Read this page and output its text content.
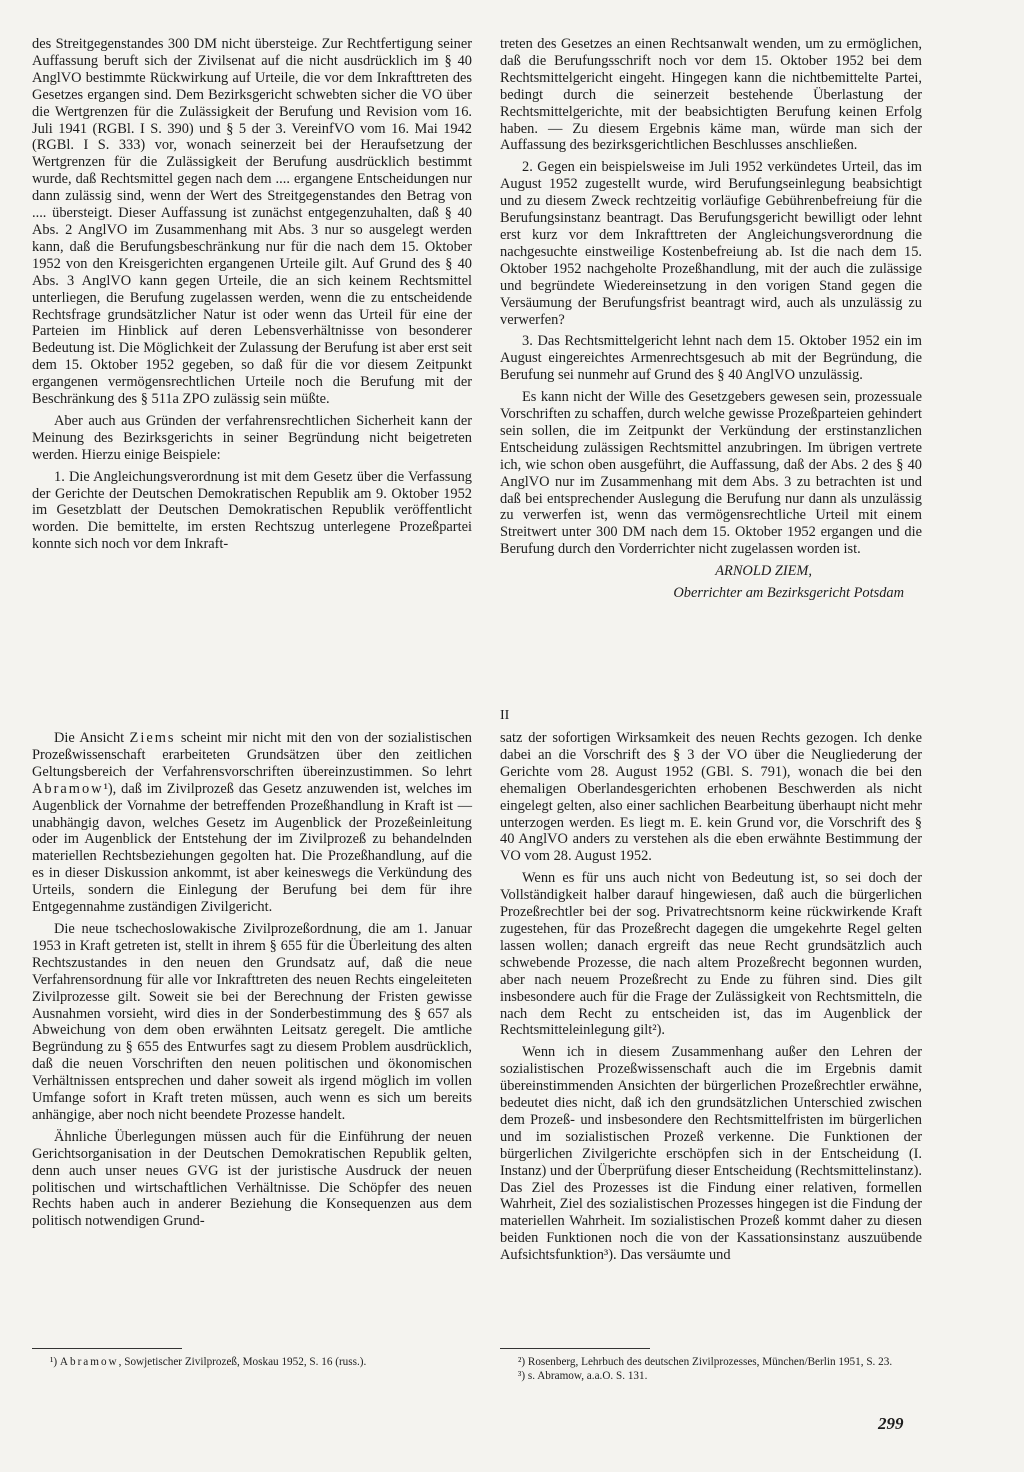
des Streitgegenstandes 300 DM nicht übersteige. Zur Rechtfertigung seiner Auffassung beruft sich der Zivilsenat auf die nicht ausdrücklich im § 40 AnglVO bestimmte Rückwirkung auf Urteile, die vor dem Inkrafttreten des Gesetzes ergangen sind. Dem Bezirksgericht schwebten sicher die VO über die Wertgrenzen für die Zulässigkeit der Berufung und Revision vom 16. Juli 1941 (RGBl. I S. 390) und § 5 der 3. VereinfVO vom 16. Mai 1942 (RGBl. I S. 333) vor, wonach seinerzeit bei der Heraufsetzung der Wertgrenzen für die Zulässigkeit der Berufung ausdrücklich bestimmt wurde, daß Rechtsmittel gegen nach dem .... ergangene Entscheidungen nur dann zulässig sind, wenn der Wert des Streitgegenstandes den Betrag von .... übersteigt. Dieser Auffassung ist zunächst entgegenzuhalten, daß § 40 Abs. 2 AnglVO im Zusammenhang mit Abs. 3 nur so ausgelegt werden kann, daß die Berufungsbeschränkung nur für die nach dem 15. Oktober 1952 von den Kreisgerichten ergangenen Urteile gilt. Auf Grund des § 40 Abs. 3 AnglVO kann gegen Urteile, die an sich keinem Rechtsmittel unterliegen, die Berufung zugelassen werden, wenn die zu entscheidende Rechtsfrage grundsätzlicher Natur ist oder wenn das Urteil für eine der Parteien im Hinblick auf deren Lebensverhältnisse von besonderer Bedeutung ist. Die Möglichkeit der Zulassung der Berufung ist aber erst seit dem 15. Oktober 1952 gegeben, so daß für die vor diesem Zeitpunkt ergangenen vermögensrechtlichen Urteile noch die Berufung mit der Beschränkung des § 511a ZPO zulässig sein müßte.

Aber auch aus Gründen der verfahrensrechtlichen Sicherheit kann der Meinung des Bezirksgerichts in seiner Begründung nicht beigetreten werden. Hierzu einige Beispiele:

1. Die Angleichungsverordnung ist mit dem Gesetz über die Verfassung der Gerichte der Deutschen Demokratischen Republik am 9. Oktober 1952 im Gesetzblatt der Deutschen Demokratischen Republik veröffentlicht worden. Die bemittelte, im ersten Rechtszug unterlegene Prozeßpartei konnte sich noch vor dem Inkraft-

treten des Gesetzes an einen Rechtsanwalt wenden, um zu ermöglichen, daß die Berufungsschrift noch vor dem 15. Oktober 1952 bei dem Rechtsmittelgericht eingeht. Hingegen kann die nichtbemittelte Partei, bedingt durch die seinerzeit bestehende Überlastung der Rechtsmittelgerichte, mit der beabsichtigten Berufung keinen Erfolg haben. — Zu diesem Ergebnis käme man, würde man sich der Auffassung des bezirksgerichtlichen Beschlusses anschließen.

2. Gegen ein beispielsweise im Juli 1952 verkündetes Urteil, das im August 1952 zugestellt wurde, wird Berufungseinlegung beabsichtigt und zu diesem Zweck rechtzeitig vorläufige Gebührenbefreiung für die Berufungsinstanz beantragt. Das Berufungsgericht bewilligt oder lehnt erst kurz vor dem Inkrafttreten der Angleichungsverordnung die nachgesuchte einstweilige Kostenbefreiung ab. Ist die nach dem 15. Oktober 1952 nachgeholte Prozeßhandlung, mit der auch die zulässige und begründete Wiedereinsetzung in den vorigen Stand gegen die Versäumung der Berufungsfrist beantragt wird, auch als unzulässig zu verwerfen?

3. Das Rechtsmittelgericht lehnt nach dem 15. Oktober 1952 ein im August eingereichtes Armenrechtsgesuch ab mit der Begründung, die Berufung sei nunmehr auf Grund des § 40 AnglVO unzulässig.

Es kann nicht der Wille des Gesetzgebers gewesen sein, prozessuale Vorschriften zu schaffen, durch welche gewisse Prozeßparteien gehindert sein sollen, die im Zeitpunkt der Verkündung der erstinstanzlichen Entscheidung zulässigen Rechtsmittel anzubringen. Im übrigen vertrete ich, wie schon oben ausgeführt, die Auffassung, daß der Abs. 2 des § 40 AnglVO nur im Zusammenhang mit dem Abs. 3 zu betrachten ist und daß bei entsprechender Auslegung die Berufung nur dann als unzulässig zu verwerfen ist, wenn das vermögensrechtliche Urteil mit einem Streitwert unter 300 DM nach dem 15. Oktober 1952 ergangen und die Berufung durch den Vorderrichter nicht zugelassen worden ist.

ARNOLD ZIEM,

Oberrichter am Bezirksgericht Potsdam

II

Die Ansicht Ziems scheint mir nicht mit den von der sozialistischen Prozeßwissenschaft erarbeiteten Grundsätzen über den zeitlichen Geltungsbereich der Verfahrensvorschriften übereinzustimmen. So lehrt Abramow¹), daß im Zivilprozeß das Gesetz anzuwenden ist, welches im Augenblick der Vornahme der betreffenden Prozeßhandlung in Kraft ist — unabhängig davon, welches Gesetz im Augenblick der Prozeßeinleitung oder im Augenblick der Entstehung der im Zivilprozeß zu behandelnden materiellen Rechtsbeziehungen gegolten hat. Die Prozeßhandlung, auf die es in dieser Diskussion ankommt, ist aber keineswegs die Verkündung des Urteils, sondern die Einlegung der Berufung bei dem für ihre Entgegennahme zuständigen Zivilgericht.

Die neue tschechoslowakische Zivilprozeßordnung, die am 1. Januar 1953 in Kraft getreten ist, stellt in ihrem § 655 für die Überleitung des alten Rechtszustandes in den neuen den Grundsatz auf, daß die neue Verfahrensordnung für alle vor Inkrafttreten des neuen Rechts eingeleiteten Zivilprozesse gilt. Soweit sie bei der Berechnung der Fristen gewisse Ausnahmen vorsieht, wird dies in der Sonderbestimmung des § 657 als Abweichung von dem oben erwähnten Leitsatz geregelt. Die amtliche Begründung zu § 655 des Entwurfes sagt zu diesem Problem ausdrücklich, daß die neuen Vorschriften den neuen politischen und ökonomischen Verhältnissen entsprechen und daher soweit als irgend möglich im vollen Umfange sofort in Kraft treten müssen, auch wenn es sich um bereits anhängige, aber noch nicht beendete Prozesse handelt.

Ähnliche Überlegungen müssen auch für die Einführung der neuen Gerichtsorganisation in der Deutschen Demokratischen Republik gelten, denn auch unser neues GVG ist der juristische Ausdruck der neuen politischen und wirtschaftlichen Verhältnisse. Die Schöpfer des neuen Rechts haben auch in anderer Beziehung die Konsequenzen aus dem politisch notwendigen Grund-

satz der sofortigen Wirksamkeit des neuen Rechts gezogen. Ich denke dabei an die Vorschrift des § 3 der VO über die Neugliederung der Gerichte vom 28. August 1952 (GBl. S. 791), wonach die bei den ehemaligen Oberlandesgerichten erhobenen Beschwerden als nicht eingelegt gelten, also einer sachlichen Bearbeitung überhaupt nicht mehr unterzogen werden. Es liegt m. E. kein Grund vor, die Vorschrift des § 40 AnglVO anders zu verstehen als die eben erwähnte Bestimmung der VO vom 28. August 1952.

Wenn es für uns auch nicht von Bedeutung ist, so sei doch der Vollständigkeit halber darauf hingewiesen, daß auch die bürgerlichen Prozeßrechtler bei der sog. Privatrechtsnorm keine rückwirkende Kraft zugestehen, für das Prozeßrecht dagegen die umgekehrte Regel gelten lassen wollen; danach ergreift das neue Recht grundsätzlich auch schwebende Prozesse, die nach altem Prozeßrecht begonnen wurden, aber nach neuem Prozeßrecht zu Ende zu führen sind. Dies gilt insbesondere auch für die Frage der Zulässigkeit von Rechtsmitteln, die nach dem Recht zu entscheiden ist, das im Augenblick der Rechtsmitteleinlegung gilt²).

Wenn ich in diesem Zusammenhang außer den Lehren der sozialistischen Prozeßwissenschaft auch die im Ergebnis damit übereinstimmenden Ansichten der bürgerlichen Prozeßrechtler erwähne, bedeutet dies nicht, daß ich den grundsätzlichen Unterschied zwischen dem Prozeß- und insbesondere den Rechtsmittelfristen im bürgerlichen und im sozialistischen Prozeß verkenne. Die Funktionen der bürgerlichen Zivilgerichte erschöpfen sich in der Entscheidung (I. Instanz) und der Überprüfung dieser Entscheidung (Rechtsmittelinstanz). Das Ziel des Prozesses ist die Findung einer relativen, formellen Wahrheit, Ziel des sozialistischen Prozesses hingegen ist die Findung der materiellen Wahrheit. Im sozialistischen Prozeß kommt daher zu diesen beiden Funktionen noch die von der Kassationsinstanz auszuübende Aufsichtsfunktion³). Das versäumte und

¹) Abramow, Sowjetischer Zivilprozeß, Moskau 1952, S. 16 (russ.).	²) Rosenberg, Lehrbuch des deutschen Zivilprozesses, München/Berlin 1951, S. 23.

³) s. Abramow, a.a.O. S. 131.

299
